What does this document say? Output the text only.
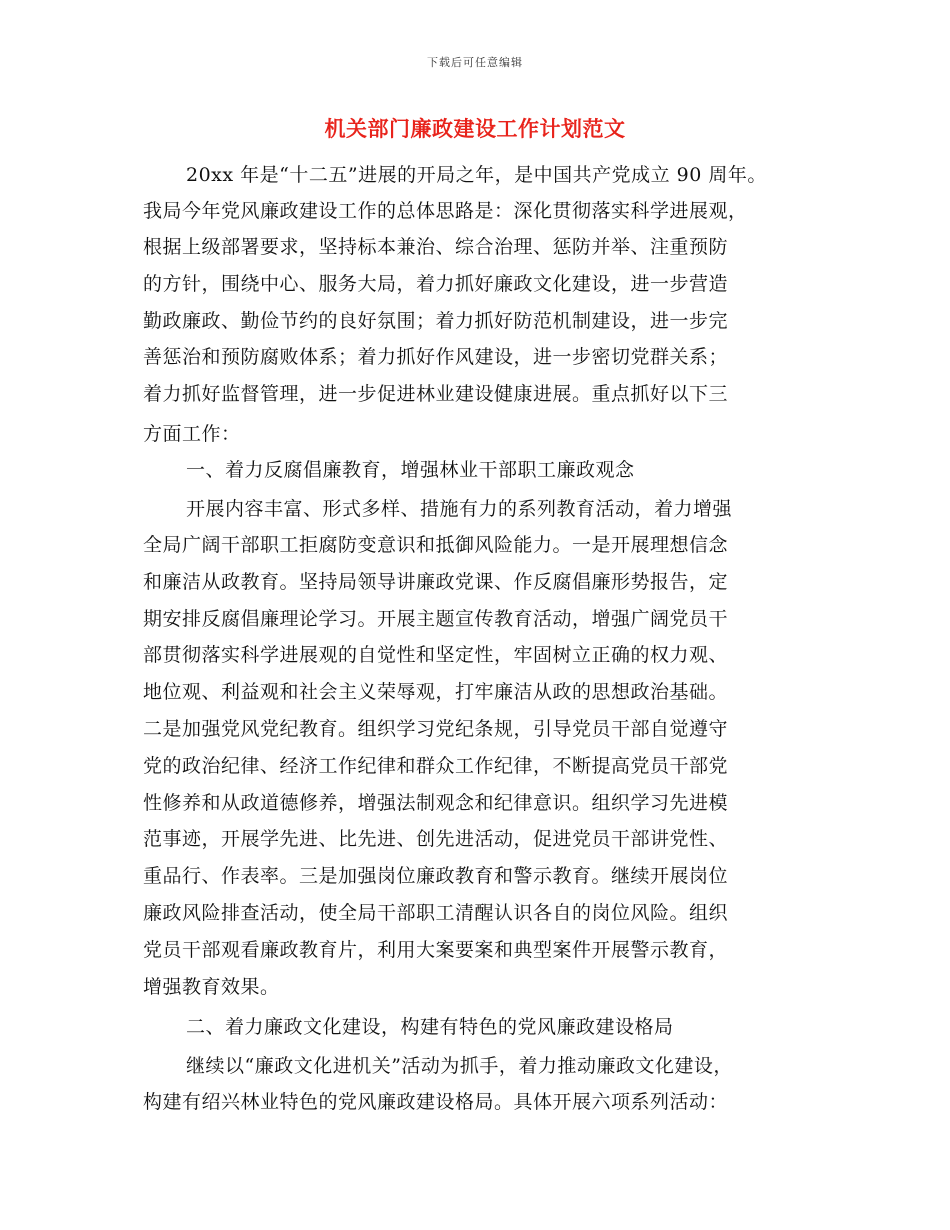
下载后可任意编辑
机关部门廉政建设工作计划范文
20xx 年是“十二五”进展的开局之年，是中国共产党成立 90 周年。
我局今年党风廉政建设工作的总体思路是：深化贯彻落实科学进展观，
根据上级部署要求，坚持标本兼治、综合治理、惩防并举、注重预防
的方针，围绕中心、服务大局，着力抓好廉政文化建设，进一步营造
勤政廉政、勤俭节约的良好氛围；着力抓好防范机制建设，进一步完
善惩治和预防腐败体系；着力抓好作风建设，进一步密切党群关系；
着力抓好监督管理，进一步促进林业建设健康进展。重点抓好以下三
方面工作：
一、着力反腐倡廉教育，增强林业干部职工廉政观念
开展内容丰富、形式多样、措施有力的系列教育活动，着力增强
全局广阔干部职工拒腐防变意识和抵御风险能力。一是开展理想信念
和廉洁从政教育。坚持局领导讲廉政党课、作反腐倡廉形势报告，定
期安排反腐倡廉理论学习。开展主题宣传教育活动，增强广阔党员干
部贯彻落实科学进展观的自觉性和坚定性，牢固树立正确的权力观、
地位观、利益观和社会主义荣辱观，打牢廉洁从政的思想政治基础。
二是加强党风党纪教育。组织学习党纪条规，引导党员干部自觉遵守
党的政治纪律、经济工作纪律和群众工作纪律，不断提高党员干部党
性修养和从政道德修养，增强法制观念和纪律意识。组织学习先进模
范事迹，开展学先进、比先进、创先进活动，促进党员干部讲党性、
重品行、作表率。三是加强岗位廉政教育和警示教育。继续开展岗位
廉政风险排查活动，使全局干部职工清醒认识各自的岗位风险。组织
党员干部观看廉政教育片，利用大案要案和典型案件开展警示教育，
增强教育效果。
二、着力廉政文化建设，构建有特色的党风廉政建设格局
继续以“廉政文化进机关”活动为抓手，着力推动廉政文化建设，
构建有绍兴林业特色的党风廉政建设格局。具体开展六项系列活动：
